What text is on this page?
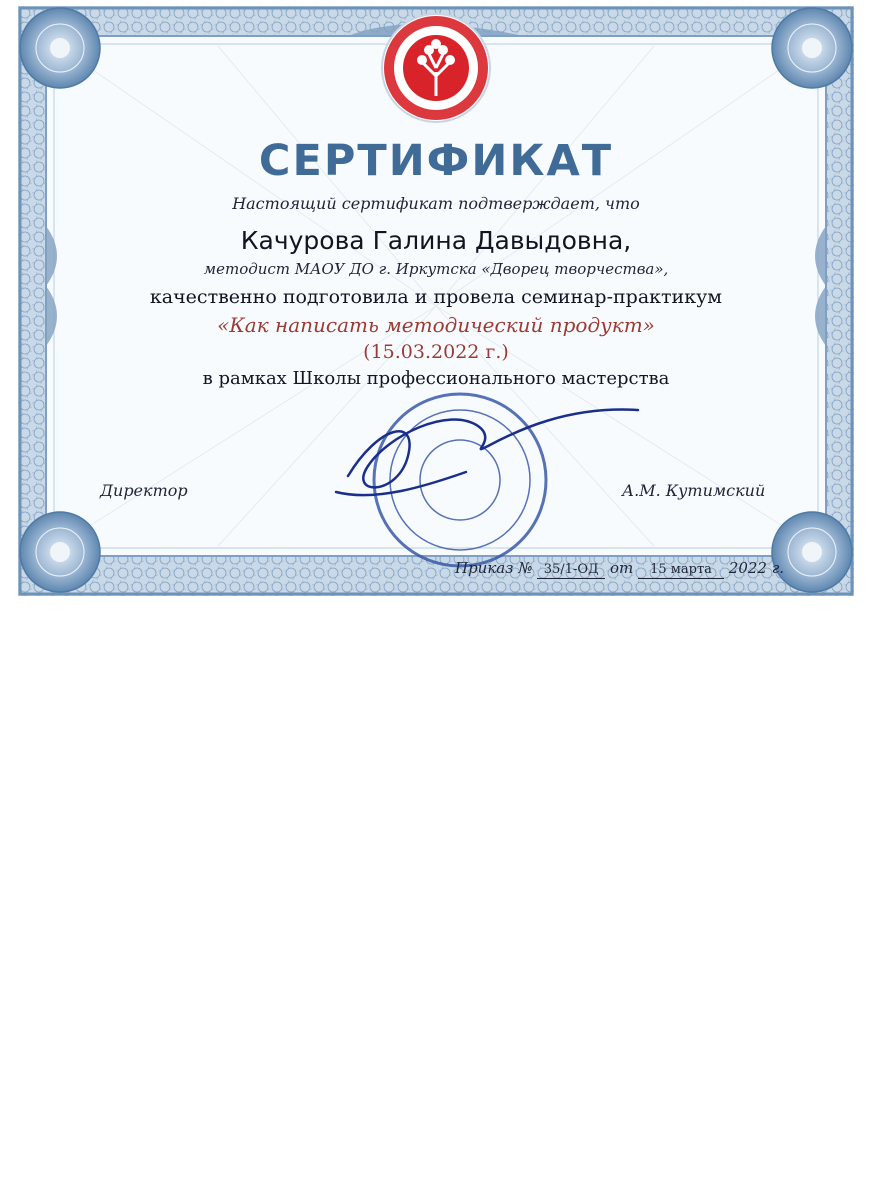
СЕРТИФИКАТ

Настоящий сертификат подтверждает, что

Качурова Галина Давыдовна,

методист МАОУ ДО г. Иркутска «Дворец творчества»,

качественно подготовила и провела семинар-практикум

«Как написать методический продукт»

(15.03.2022 г.)

в рамках Школы профессионального мастерства

Директор	А.М. Кутимский

Приказ № 35/1-ОД от 15 марта 2022 г.
